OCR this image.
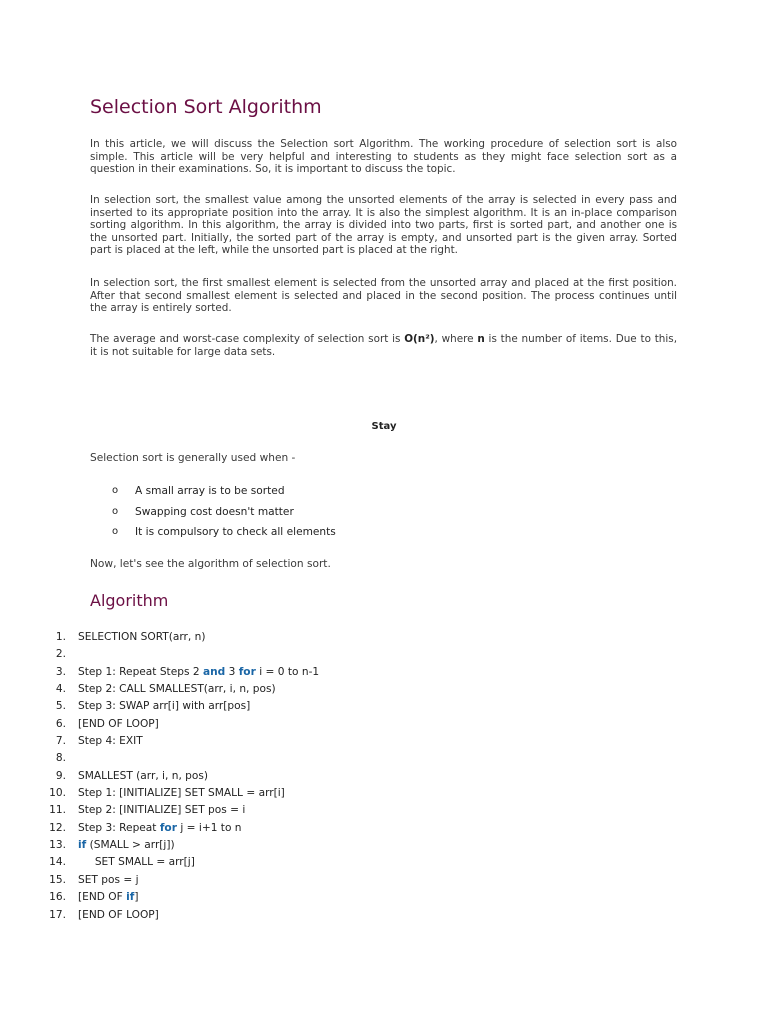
Selection Sort Algorithm

In this article, we will discuss the Selection sort Algorithm. The working procedure of selection sort is also simple. This article will be very helpful and interesting to students as they might face selection sort as a question in their examinations. So, it is important to discuss the topic.

In selection sort, the smallest value among the unsorted elements of the array is selected in every pass and inserted to its appropriate position into the array. It is also the simplest algorithm. It is an in-place comparison sorting algorithm. In this algorithm, the array is divided into two parts, first is sorted part, and another one is the unsorted part. Initially, the sorted part of the array is empty, and unsorted part is the given array. Sorted part is placed at the left, while the unsorted part is placed at the right.

In selection sort, the first smallest element is selected from the unsorted array and placed at the first position. After that second smallest element is selected and placed in the second position. The process continues until the array is entirely sorted.

The average and worst-case complexity of selection sort is O(n²), where n is the number of items. Due to this, it is not suitable for large data sets.

Stay
Selection sort is generally used when -
o	A small array is to be sorted
o	Swapping cost doesn't matter
o	It is compulsory to check all elements
Now, let's see the algorithm of selection sort.
Algorithm
1.	SELECTION SORT(arr, n)
2.
3.	Step 1: Repeat Steps 2 and 3 for i = 0 to n-1
4.	Step 2: CALL SMALLEST(arr, i, n, pos)
5.	Step 3: SWAP arr[i] with arr[pos]
6.	[END OF LOOP]
7.	Step 4: EXIT
8.
9.	SMALLEST (arr, i, n, pos)
10.	Step 1: [INITIALIZE] SET SMALL = arr[i]
11.	Step 2: [INITIALIZE] SET pos = i
12.	Step 3: Repeat for j = i+1 to n
13.	if (SMALL > arr[j])
14.	SET SMALL = arr[j]
15.	SET pos = j
16.	[END OF if]
17.	[END OF LOOP]
